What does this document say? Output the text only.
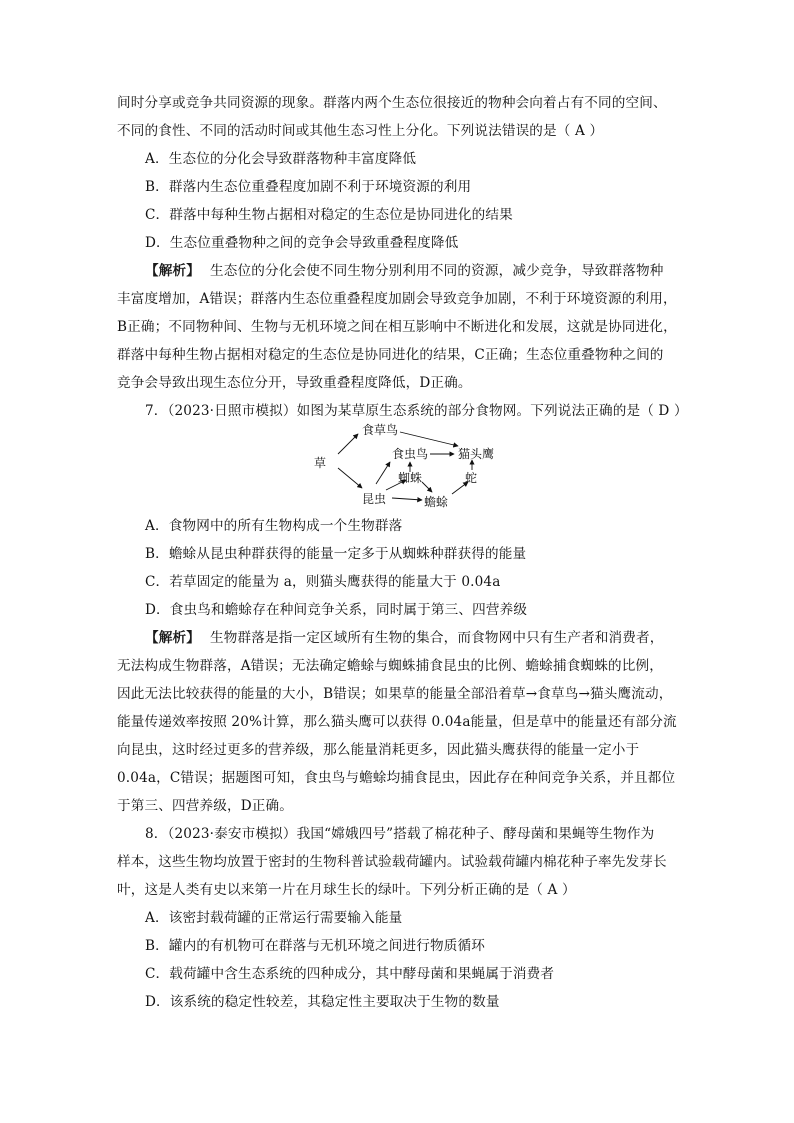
间时分享或竞争共同资源的现象。群落内两个生态位很接近的物种会向着占有不同的空间、
不同的食性、不同的活动时间或其他生态习性上分化。下列说法错误的是（ A ）
A．生态位的分化会导致群落物种丰富度降低
B．群落内生态位重叠程度加剧不利于环境资源的利用
C．群落中每种生物占据相对稳定的生态位是协同进化的结果
D．生态位重叠物种之间的竞争会导致重叠程度降低
【解析】 生态位的分化会使不同生物分别利用不同的资源，减少竞争，导致群落物种
丰富度增加，A错误；群落内生态位重叠程度加剧会导致竞争加剧，不利于环境资源的利用，
B正确；不同物种间、生物与无机环境之间在相互影响中不断进化和发展，这就是协同进化，
群落中每种生物占据相对稳定的生态位是协同进化的结果，C正确；生态位重叠物种之间的
竞争会导致出现生态位分开，导致重叠程度降低，D正确。
7．（2023·日照市模拟）如图为某草原生态系统的部分食物网。下列说法正确的是（ D ）
草
食草鸟
食虫鸟 猫头鹰
蜘蛛	蛇
昆虫	蟾蜍
A．食物网中的所有生物构成一个生物群落
B．蟾蜍从昆虫种群获得的能量一定多于从蜘蛛种群获得的能量
C．若草固定的能量为 a，则猫头鹰获得的能量大于 0.04a
D．食虫鸟和蟾蜍存在种间竞争关系，同时属于第三、四营养级
【解析】 生物群落是指一定区域所有生物的集合，而食物网中只有生产者和消费者，
无法构成生物群落，A错误；无法确定蟾蜍与蜘蛛捕食昆虫的比例、蟾蜍捕食蜘蛛的比例，
因此无法比较获得的能量的大小，B错误；如果草的能量全部沿着草→食草鸟→猫头鹰流动，
能量传递效率按照 20%计算，那么猫头鹰可以获得 0.04a能量，但是草中的能量还有部分流
向昆虫，这时经过更多的营养级，那么能量消耗更多，因此猫头鹰获得的能量一定小于
0.04a，C错误；据题图可知，食虫鸟与蟾蜍均捕食昆虫，因此存在种间竞争关系，并且都位
于第三、四营养级，D正确。
8．（2023·泰安市模拟）我国“嫦娥四号”搭载了棉花种子、酵母菌和果蝇等生物作为
样本，这些生物均放置于密封的生物科普试验载荷罐内。试验载荷罐内棉花种子率先发芽长
叶，这是人类有史以来第一片在月球生长的绿叶。下列分析正确的是（ A ）
A．该密封载荷罐的正常运行需要输入能量
B．罐内的有机物可在群落与无机环境之间进行物质循环
C．载荷罐中含生态系统的四种成分，其中酵母菌和果蝇属于消费者
D．该系统的稳定性较差，其稳定性主要取决于生物的数量
